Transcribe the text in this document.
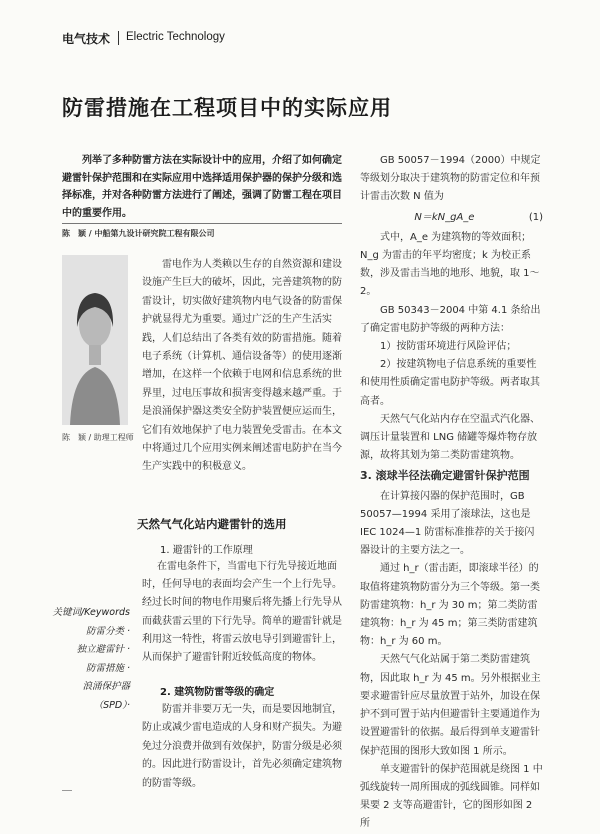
电气技术 Electric Technology
防雷措施在工程项目中的实际应用
列举了多种防雷方法在实际设计中的应用，介绍了如何确定避雷针保护范围和在实际应用中选择适用保护器的保护分级和选择标准，并对各种防雷方法进行了阐述，强调了防雷工程在项目中的重要作用。
陈　颖 / 中船第九设计研究院工程有限公司
陈　颖 / 助理工程师
雷电作为人类赖以生存的自然资源和建设设施产生巨大的破坏，因此，完善建筑物的防雷设计，切实做好建筑物内电气设备的防雷保护就显得尤为重要。通过广泛的生产生活实践，人们总结出了各类有效的防雷措施。随着电子系统（计算机、通信设备等）的使用逐渐增加，在这样一个依赖于电网和信息系统的世界里，过电压事故和损害变得越来越严重。于是浪涌保护器这类安全防护装置便应运而生，它们有效地保护了电力装置免受雷击。在本文中将通过几个应用实例来阐述雷电防护在当今生产实践中的积极意义。
天然气气化站内避雷针的选用
1. 避雷针的工作原理
在雷电条件下，当雷电下行先导接近地面时，任何导电的表面均会产生一个上行先导。经过长时间的物电作用聚后将先播上行先导从而截获雷云里的下行先导。简单的避雷针就是利用这一特性，将雷云放电导引到避雷针上，从而保护了避雷针附近较低高度的物体。
2. 建筑物防雷等级的确定
防雷并非要万无一失，而是要因地制宜，防止或减少雷电造成的人身和财产损失。为避免过分浪费并做到有效保护，防雷分级是必须的。因此进行防雷设计，首先必须确定建筑物的防雷等级。
关键词/Keywords
防雷分类 ·
独立避雷针 ·
防雷措施 ·
浪涌保护器（SPD）·

GB 50057－1994（2000）中规定等级划分取决于建筑物的防雷定位和年预计雷击次数 N 值为

(1)
N＝kN_gA_e

式中，A_e 为建筑物的等效面积；N_g 为雷击的年平均密度；k 为校正系数，涉及雷击当地的地形、地貌，取 1～2。

GB 50343－2004 中第 4.1 条给出了确定雷电防护等级的两种方法：

1）按防雷环境进行风险评估；

2）按建筑物电子信息系统的重要性和使用性质确定雷电防护等级。两者取其高者。

天然气气化站内存在空温式汽化器、调压计量装置和 LNG 储罐等爆炸物存放源，故将其划为第二类防雷建筑物。

3. 滚球半径法确定避雷针保护范围

在计算接闪器的保护范围时，GB 50057—1994 采用了滚球法，这也是 IEC 1024—1 防雷标准推荐的关于接闪器设计的主要方法之一。

通过 h_r（雷击距，即滚球半径）的取值将建筑物防雷分为三个等级。第一类防雷建筑物：h_r 为 30 m；第二类防雷建筑物：h_r 为 45 m；第三类防雷建筑物：h_r 为 60 m。

天然气气化站属于第二类防雷建筑物，因此取 h_r 为 45 m。另外根据业主要求避雷针应尽量放置于站外，加设在保护不到可置于站内但避雷针主要通道作为设置避雷针的依据。最后得到单支避雷针保护范围的图形大致如图 1 所示。

单支避雷针的保护范围就是绕图 1 中弧线旋转一周所围成的弧线圆锥。同样如果要 2 支等高避雷针，它的图形如图 2 所
